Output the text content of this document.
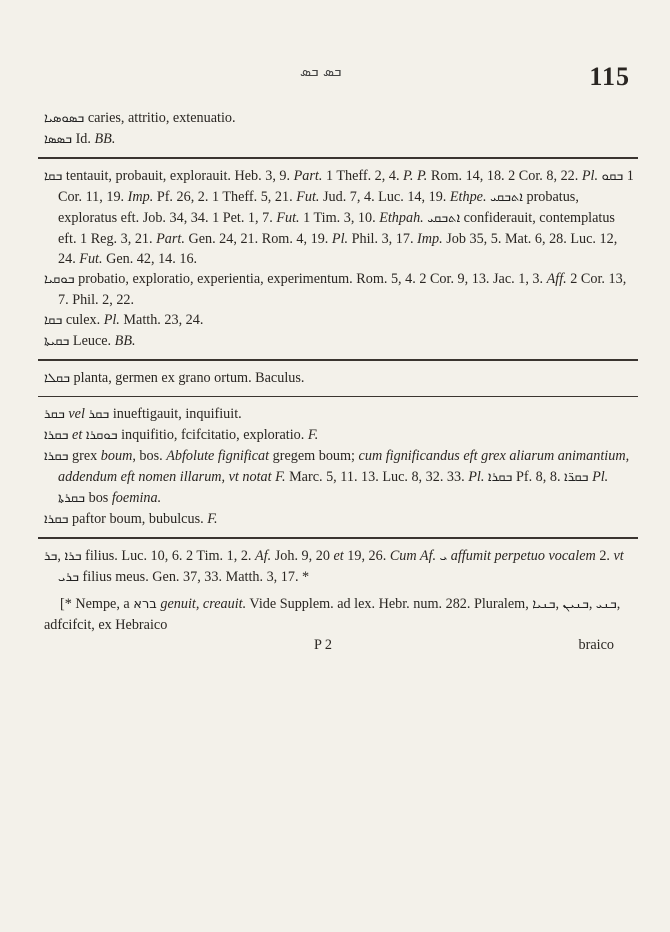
ܒܣ ܒܣ	115

ܒܣܘܣܝܐ caries, attritio, extenuatio.

ܒܣܣܐ Id. BB.

ܒܩܐ tentauit, probauit, explorauit. Heb. 3, 9. Part. 1 Theff. 2, 4. P. P. Rom. 14, 18. 2 Cor. 8, 22. Pl. ܒܩܘ 1 Cor. 11, 19. Imp. Pf. 26, 2. 1 Theff. 5, 21. Fut. Jud. 7, 4. Luc. 14, 19. Ethpe. ܐܬܒܩܝ probatus, exploratus eft. Job. 34, 34. 1 Pet. 1, 7. Fut. 1 Tim. 3, 10. Ethpah. ܐܬܒܩܝ confiderauit, contemplatus eft. 1 Reg. 3, 21. Part. Gen. 24, 21. Rom. 4, 19. Pl. Phil. 3, 17. Imp. Job 35, 5. Mat. 6, 28. Luc. 12, 24. Fut. Gen. 42, 14. 16.

ܒܘܩܝܐ probatio, exploratio, experientia, experimentum. Rom. 5, 4. 2 Cor. 9, 13. Jac. 1, 3. Aff. 2 Cor. 13, 7. Phil. 2, 22.

ܒܩܐ culex. Pl. Matth. 23, 24.

ܒܩܝܬܐ Leuce. BB.

ܒܩܠܐ planta, germen ex grano ortum. Baculus.

ܒܩܪ vel ܒܩܪ inueftigauit, inquifiuit.

ܒܩܪܐ et ܒܘܩܪܐ inquifitio, fcifcitatio, exploratio. F.

ܒܩܪܐ grex boum, bos. Abfolute fignificat gregem boum; cum fignificandus eft grex aliarum animantium, addendum eft nomen illarum, vt notat F. Marc. 5, 11. 13. Luc. 8, 32. 33. Pl. ܒܩܪܐ Pf. 8, 8. ܒܩܪ̈ܐ Pl. ܒܩܪܬܐ bos foemina.

ܒܩܪܐ paftor boum, bubulcus. F.

ܒܪ, ܒܪܐ filius. Luc. 10, 6. 2 Tim. 1, 2. Af. Joh. 9, 20 et 19, 26. Cum Af. ܝ affumit perpetuo vocalem 2. vt ܒܪܝ filius meus. Gen. 37, 33. Matth. 3, 17. *

[* Nempe, a ברא genuit, creauit. Vide Supplem. ad lex. Hebr. num. 282. Pluralem, ܒܢܝܐ, ܒܢܝܢ, ܒܢܝ, adfcifcit, ex Hebraico

P 2	braico
